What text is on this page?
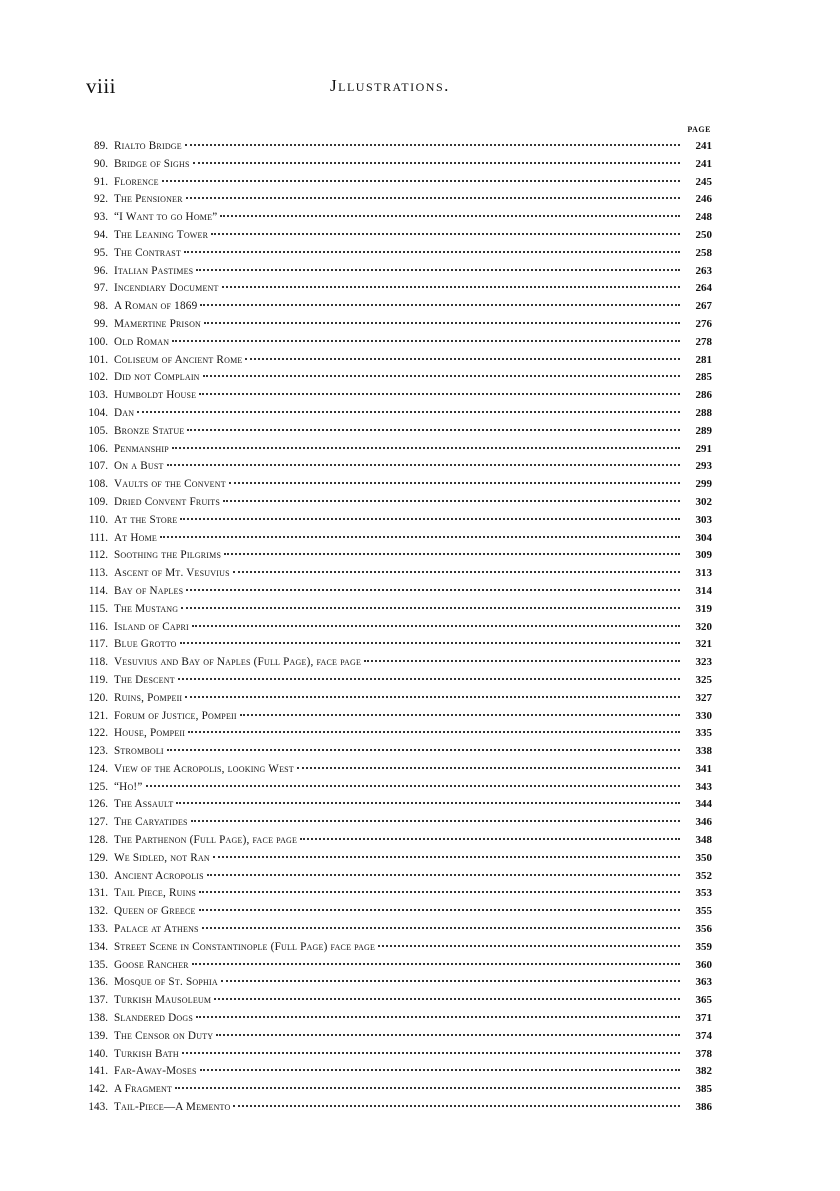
viii	Jllustrations.
PAGE
89. Rialto Bridge	241
90. Bridge of Sighs	241
91. Florence	245
92. The Pensioner	246
93. “I Want to go Home”	248
94. The Leaning Tower	250
95. The Contrast	258
96. Italian Pastimes	263
97. Incendiary Document	264
98. A Roman of 1869	267
99. Mamertine Prison	276
100. Old Roman	278
101. Coliseum of Ancient Rome	281
102. Did not Complain	285
103. Humboldt House	286
104. Dan	288
105. Bronze Statue	289
106. Penmanship	291
107. On a Bust	293
108. Vaults of the Convent	299
109. Dried Convent Fruits	302
110. At the Store	303
111. At Home	304
112. Soothing the Pilgrims	309
113. Ascent of Mt. Vesuvius	313
114. Bay of Naples	314
115. The Mustang	319
116. Island of Capri	320
117. Blue Grotto	321
118. Vesuvius and Bay of Naples (Full Page), face page	323
119. The Descent	325
120. Ruins, Pompeii	327
121. Forum of Justice, Pompeii	330
122. House, Pompeii	335
123. Stromboli	338
124. View of the Acropolis, looking West	341
125. “Ho!”	343
126. The Assault	344
127. The Caryatides	346
128. The Parthenon (Full Page), face page	348
129. We Sidled, not Ran	350
130. Ancient Acropolis	352
131. Tail Piece, Ruins	353
132. Queen of Greece	355
133. Palace at Athens	356
134. Street Scene in Constantinople (Full Page) face page	359
135. Goose Rancher	360
136. Mosque of St. Sophia	363
137. Turkish Mausoleum	365
138. Slandered Dogs	371
139. The Censor on Duty	374
140. Turkish Bath	378
141. Far-Away-Moses	382
142. A Fragment	385
143. Tail-Piece—A Memento	386
